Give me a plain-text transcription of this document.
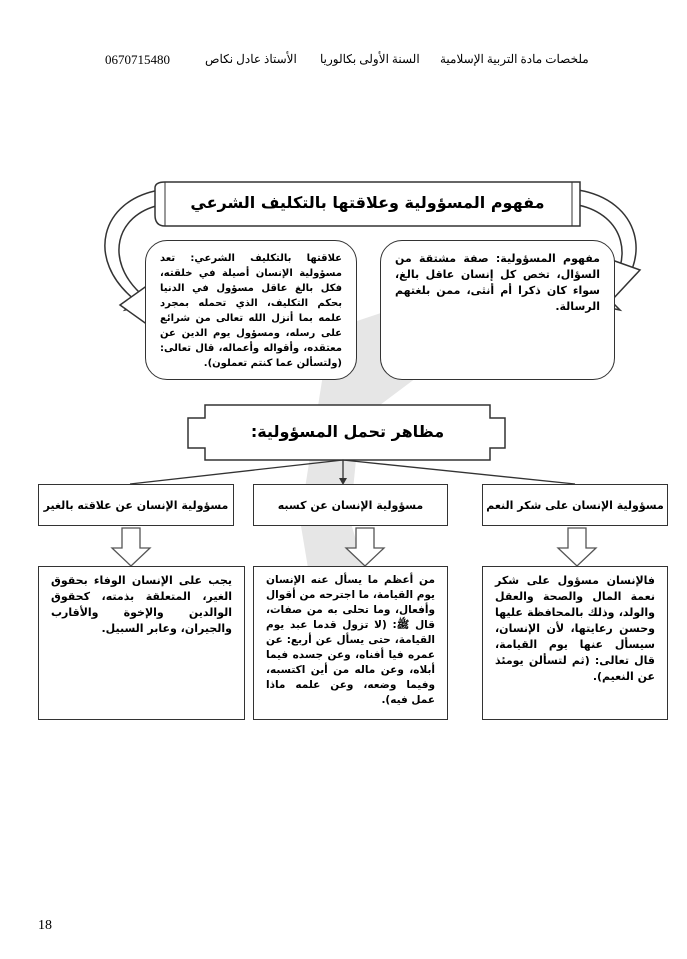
ملخصات مادة التربية الإسلامية
السنة الأولى بكالوريا
الأستاذ عادل نكاص
0670715480
مفهوم المسؤولية وعلاقتها بالتكليف الشرعي
مفهوم المسؤولية: صفة مشتقة من السؤال، تخص كل إنسان عاقل بالغ، سواء كان ذكرا أم أنثى، ممن بلغتهم الرسالة.
علاقتها بالتكليف الشرعي: تعد مسؤولية الإنسان أصيلة في خلقته، فكل بالغ عاقل مسؤول في الدنيا بحكم التكليف، الذي تحمله بمجرد علمه بما أنزل الله تعالى من شرائع على رسله، ومسؤول يوم الدين عن معتقده، وأقواله وأعماله، قال تعالى: (ولتسألن عما كنتم تعملون).
مظاهر تحمل المسؤولية:
مسؤولية الإنسان على شكر النعم
مسؤولية الإنسان عن كسبه
مسؤولية الإنسان عن علاقته بالغير
فالإنسان مسؤول على شكر نعمة المال والصحة والعقل والولد، وذلك بالمحافظة عليها وحسن رعايتها، لأن الإنسان، سيسأل عنها يوم القيامة، قال تعالى: (ثم لتسألن يومئذ عن النعيم).
من أعظم ما يسأل عنه الإنسان يوم القيامة، ما اجترحه من أقوال وأفعال، وما تحلى به من صفات، قال ﷺ: (لا تزول قدما عبد يوم القيامة، حتى يسأل عن أربع: عن عمره فيا أفناه، وعن جسده فيما أبلاه، وعن ماله من أين اكتسبه، وفيما وضعه، وعن علمه ماذا عمل فيه).
يجب على الإنسان الوفاء بحقوق الغير، المتعلقة بذمته، كحقوق الوالدين والإخوة والأقارب والجيران، وعابر السبيل.
18
